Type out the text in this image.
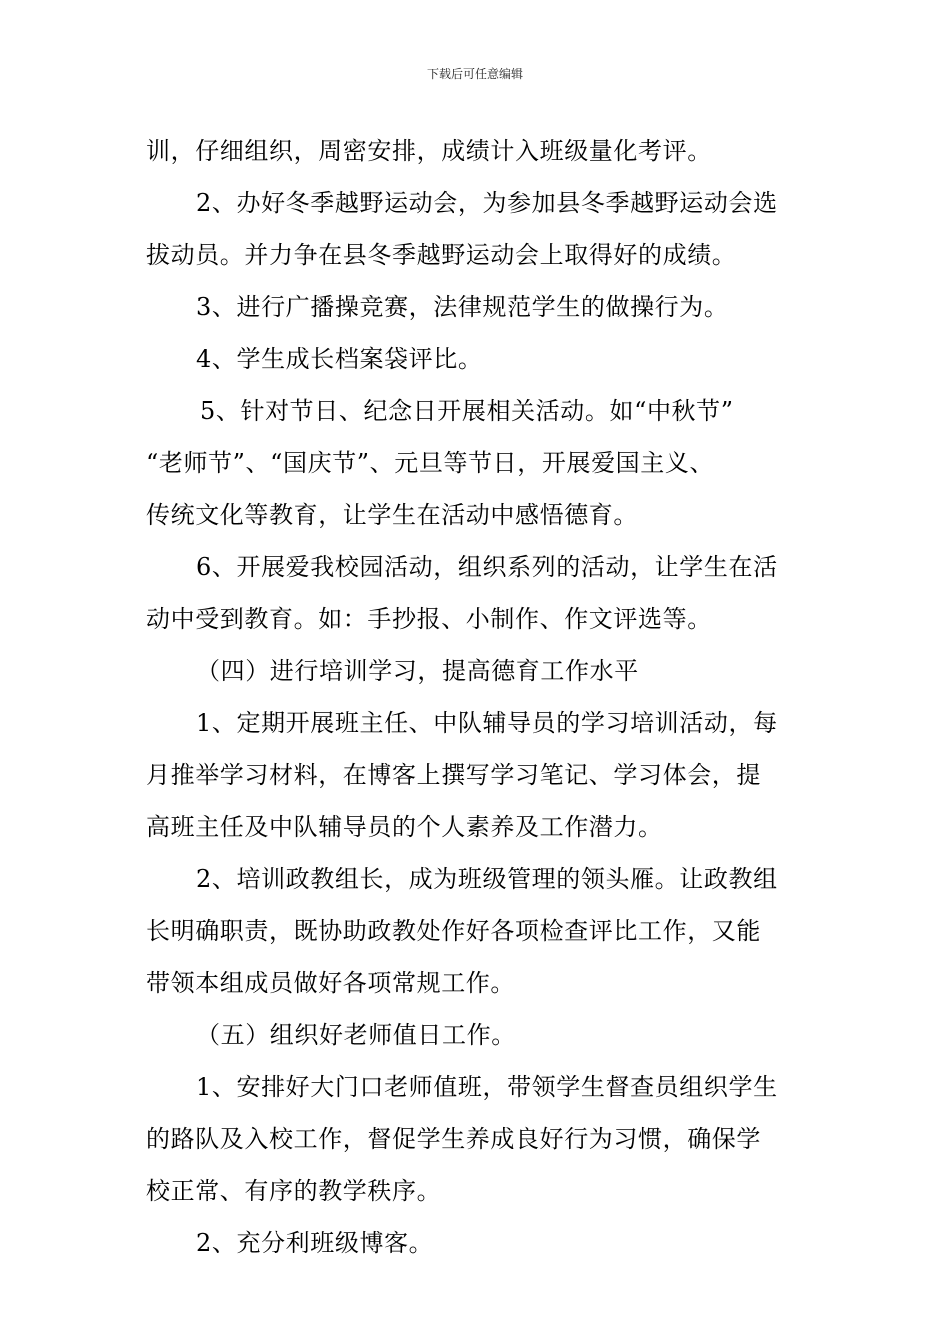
下载后可任意编辑

训，仔细组织，周密安排，成绩计入班级量化考评。

2、办好冬季越野运动会，为参加县冬季越野运动会选

拔动员。并力争在县冬季越野运动会上取得好的成绩。

3、进行广播操竞赛，法律规范学生的做操行为。

4、学生成长档案袋评比。

5、针对节日、纪念日开展相关活动。如“中秋节”

“老师节”、“国庆节”、元旦等节日，开展爱国主义、

传统文化等教育，让学生在活动中感悟德育。

6、开展爱我校园活动，组织系列的活动，让学生在活

动中受到教育。如：手抄报、小制作、作文评选等。

（四）进行培训学习，提高德育工作水平

1、定期开展班主任、中队辅导员的学习培训活动，每

月推举学习材料，在博客上撰写学习笔记、学习体会，提

高班主任及中队辅导员的个人素养及工作潜力。

2、培训政教组长，成为班级管理的领头雁。让政教组

长明确职责，既协助政教处作好各项检查评比工作，又能

带领本组成员做好各项常规工作。

（五）组织好老师值日工作。

1、安排好大门口老师值班，带领学生督查员组织学生

的路队及入校工作，督促学生养成良好行为习惯，确保学

校正常、有序的教学秩序。

2、充分利班级博客。
